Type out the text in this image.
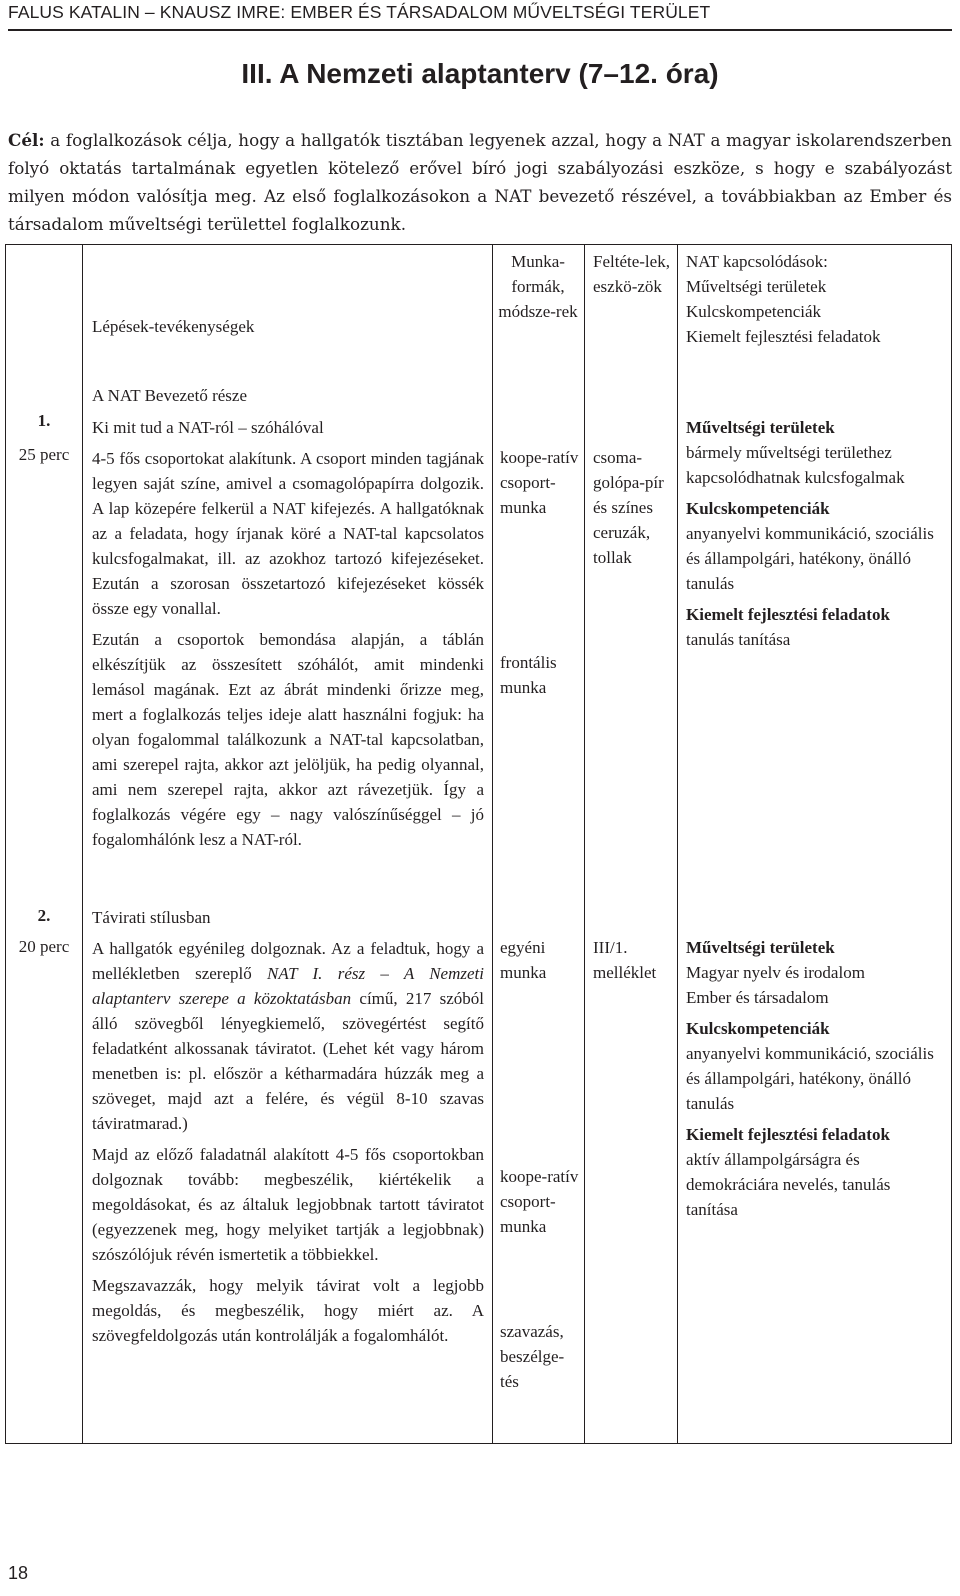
FALUS KATALIN – KNAUSZ IMRE: EMBER ÉS TÁRSADALOM MŰVELTSÉGI TERÜLET
III. A Nemzeti alaptanterv (7–12. óra)
Cél: a foglalkozások célja, hogy a hallgatók tisztában legyenek azzal, hogy a NAT a magyar iskolarendszerben folyó oktatás tartalmának egyetlen kötelező erővel bíró jogi szabályozási eszköze, s hogy e szabályozást milyen módon valósítja meg. Az első foglalkozásokon a NAT bevezető részével, a továbbiakban az Ember és társadalom műveltségi területtel foglalkozunk.
Lépések-tevékenységek
Munka-formák, módsze-rek
Feltéte-lek, eszkö-zök
NAT kapcsolódások:
Műveltségi területek
Kulcskompetenciák
Kiemelt fejlesztési feladatok
A NAT Bevezető része
1.
25 perc
Ki mit tud a NAT-ról – szóhálóval
4-5 fős csoportokat alakítunk. A csoport minden tagjának legyen saját színe, amivel a csomagolópapírra dolgozik. A lap közepére felkerül a NAT kifejezés. A hallgatóknak az a feladata, hogy írjanak köré a NAT-tal kapcsolatos kulcsfogalmakat, ill. az azokhoz tartozó kifejezéseket. Ezután a szorosan összetartozó kifejezéseket kössék össze egy vonallal.
Ezután a csoportok bemondása alapján, a táblán elkészítjük az összesített szóhálót, amit mindenki lemásol magának. Ezt az ábrát mindenki őrizze meg, mert a foglalkozás teljes ideje alatt használni fogjuk: ha olyan fogalommal találkozunk a NAT-tal kapcsolatban, ami szerepel rajta, akkor azt jelöljük, ha pedig olyannal, ami nem szerepel rajta, akkor azt rávezetjük. Így a foglalkozás végére egy – nagy valószínűséggel – jó fogalomhálónk lesz a NAT-ról.
koope-ratív csoport-munka
frontális munka
csoma-golópa-pír és színes ceruzák, tollak
Műveltségi területek
bármely műveltségi területhez kapcsolódhatnak kulcsfogalmak
Kulcskompetenciák
anyanyelvi kommunikáció, szociális és állampolgári, hatékony, önálló tanulás
Kiemelt fejlesztési feladatok
tanulás tanítása
2.
20 perc
Távirati stílusban
A hallgatók egyénileg dolgoznak. Az a feladtuk, hogy a mellékletben szereplő NAT I. rész – A Nemzeti alaptanterv szerepe a közoktatásban című, 217 szóból álló szövegből lényegkiemelő, szövegértést segítő feladatként alkossanak táviratot. (Lehet két vagy három menetben is: pl. először a kétharmadára húzzák meg a szöveget, majd azt a felére, és végül 8-10 szavas táviratmarad.)
Majd az előző faladatnál alakított 4-5 fős csoportokban dolgoznak tovább: megbeszélik, kiértékelik a megoldásokat, és az általuk legjobbnak tartott táviratot (egyezzenek meg, hogy melyiket tartják a legjobbnak) szószólójuk révén ismertetik a többiekkel.
Megszavazzák, hogy melyik távirat volt a legjobb megoldás, és megbeszélik, hogy miért az. A szövegfeldolgozás után kontrolálják a fogalomhálót.
egyéni munka
koope-ratív csoport-munka
szavazás, beszélge-tés
III/1. melléklet
Műveltségi területek
Magyar nyelv és irodalom
Ember és társadalom
Kulcskompetenciák
anyanyelvi kommunikáció, szociális és állampolgári, hatékony, önálló tanulás
Kiemelt fejlesztési feladatok
aktív állampolgárságra és demokráciára nevelés, tanulás tanítása
18
